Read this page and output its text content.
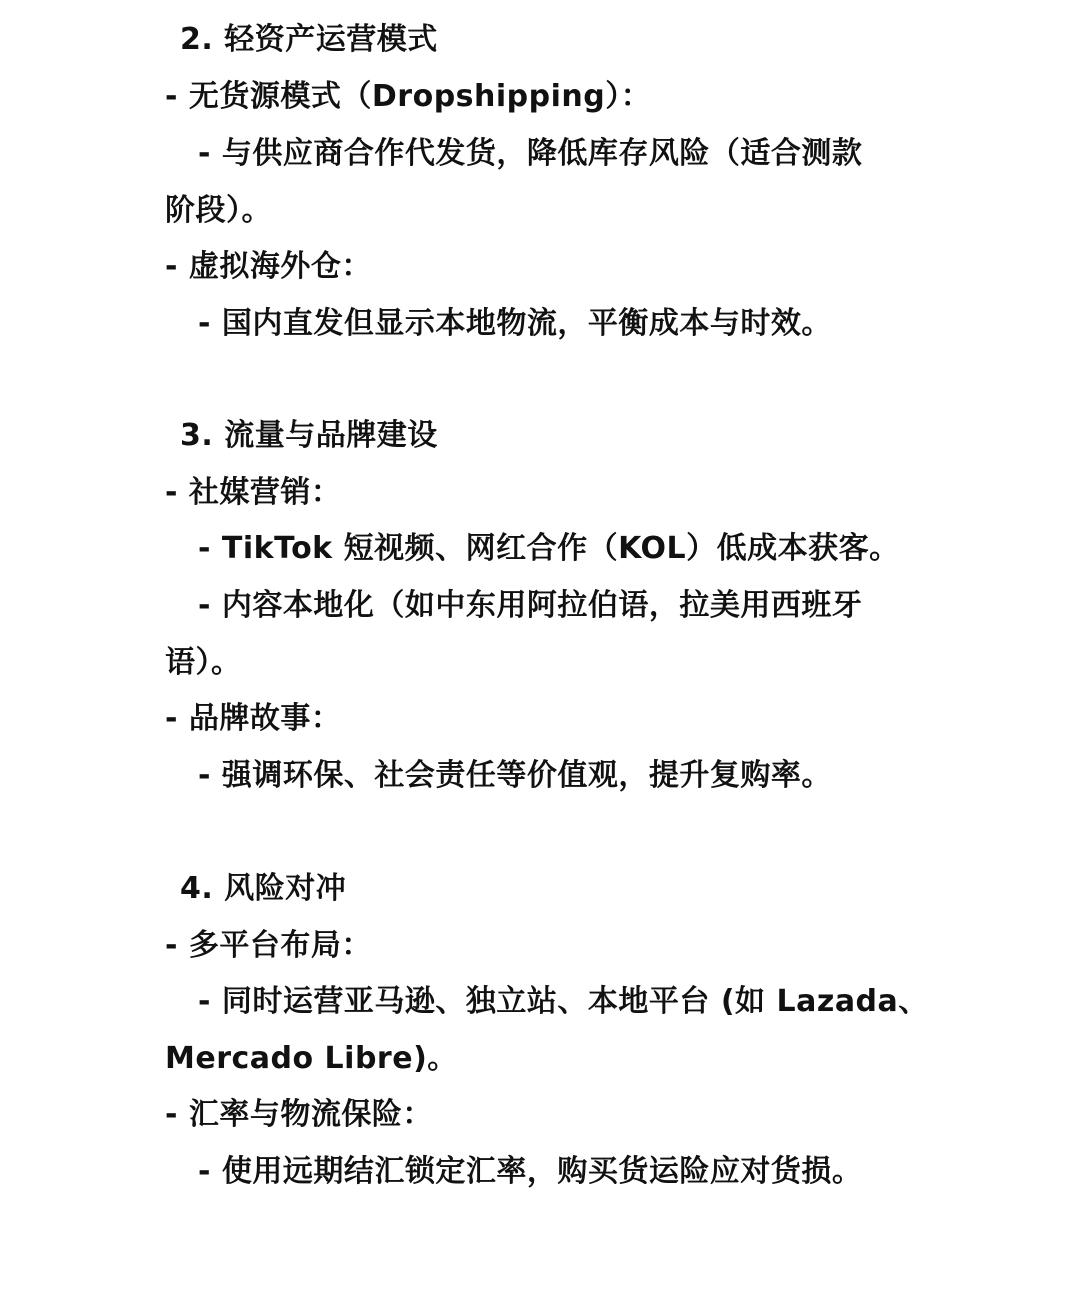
2. 轻资产运营模式
- 无货源模式（Dropshipping）：
- 与供应商合作代发货，降低库存风险（适合测款
阶段）。
- 虚拟海外仓：
- 国内直发但显示本地物流，平衡成本与时效。
3. 流量与品牌建设
- 社媒营销：
- TikTok 短视频、网红合作（KOL）低成本获客。
- 内容本地化（如中东用阿拉伯语，拉美用西班牙
语）。
- 品牌故事：
- 强调环保、社会责任等价值观，提升复购率。
4. 风险对冲
- 多平台布局：
- 同时运营亚马逊、独立站、本地平台 (如 Lazada、
Mercado Libre)。
- 汇率与物流保险：
- 使用远期结汇锁定汇率，购买货运险应对货损。
